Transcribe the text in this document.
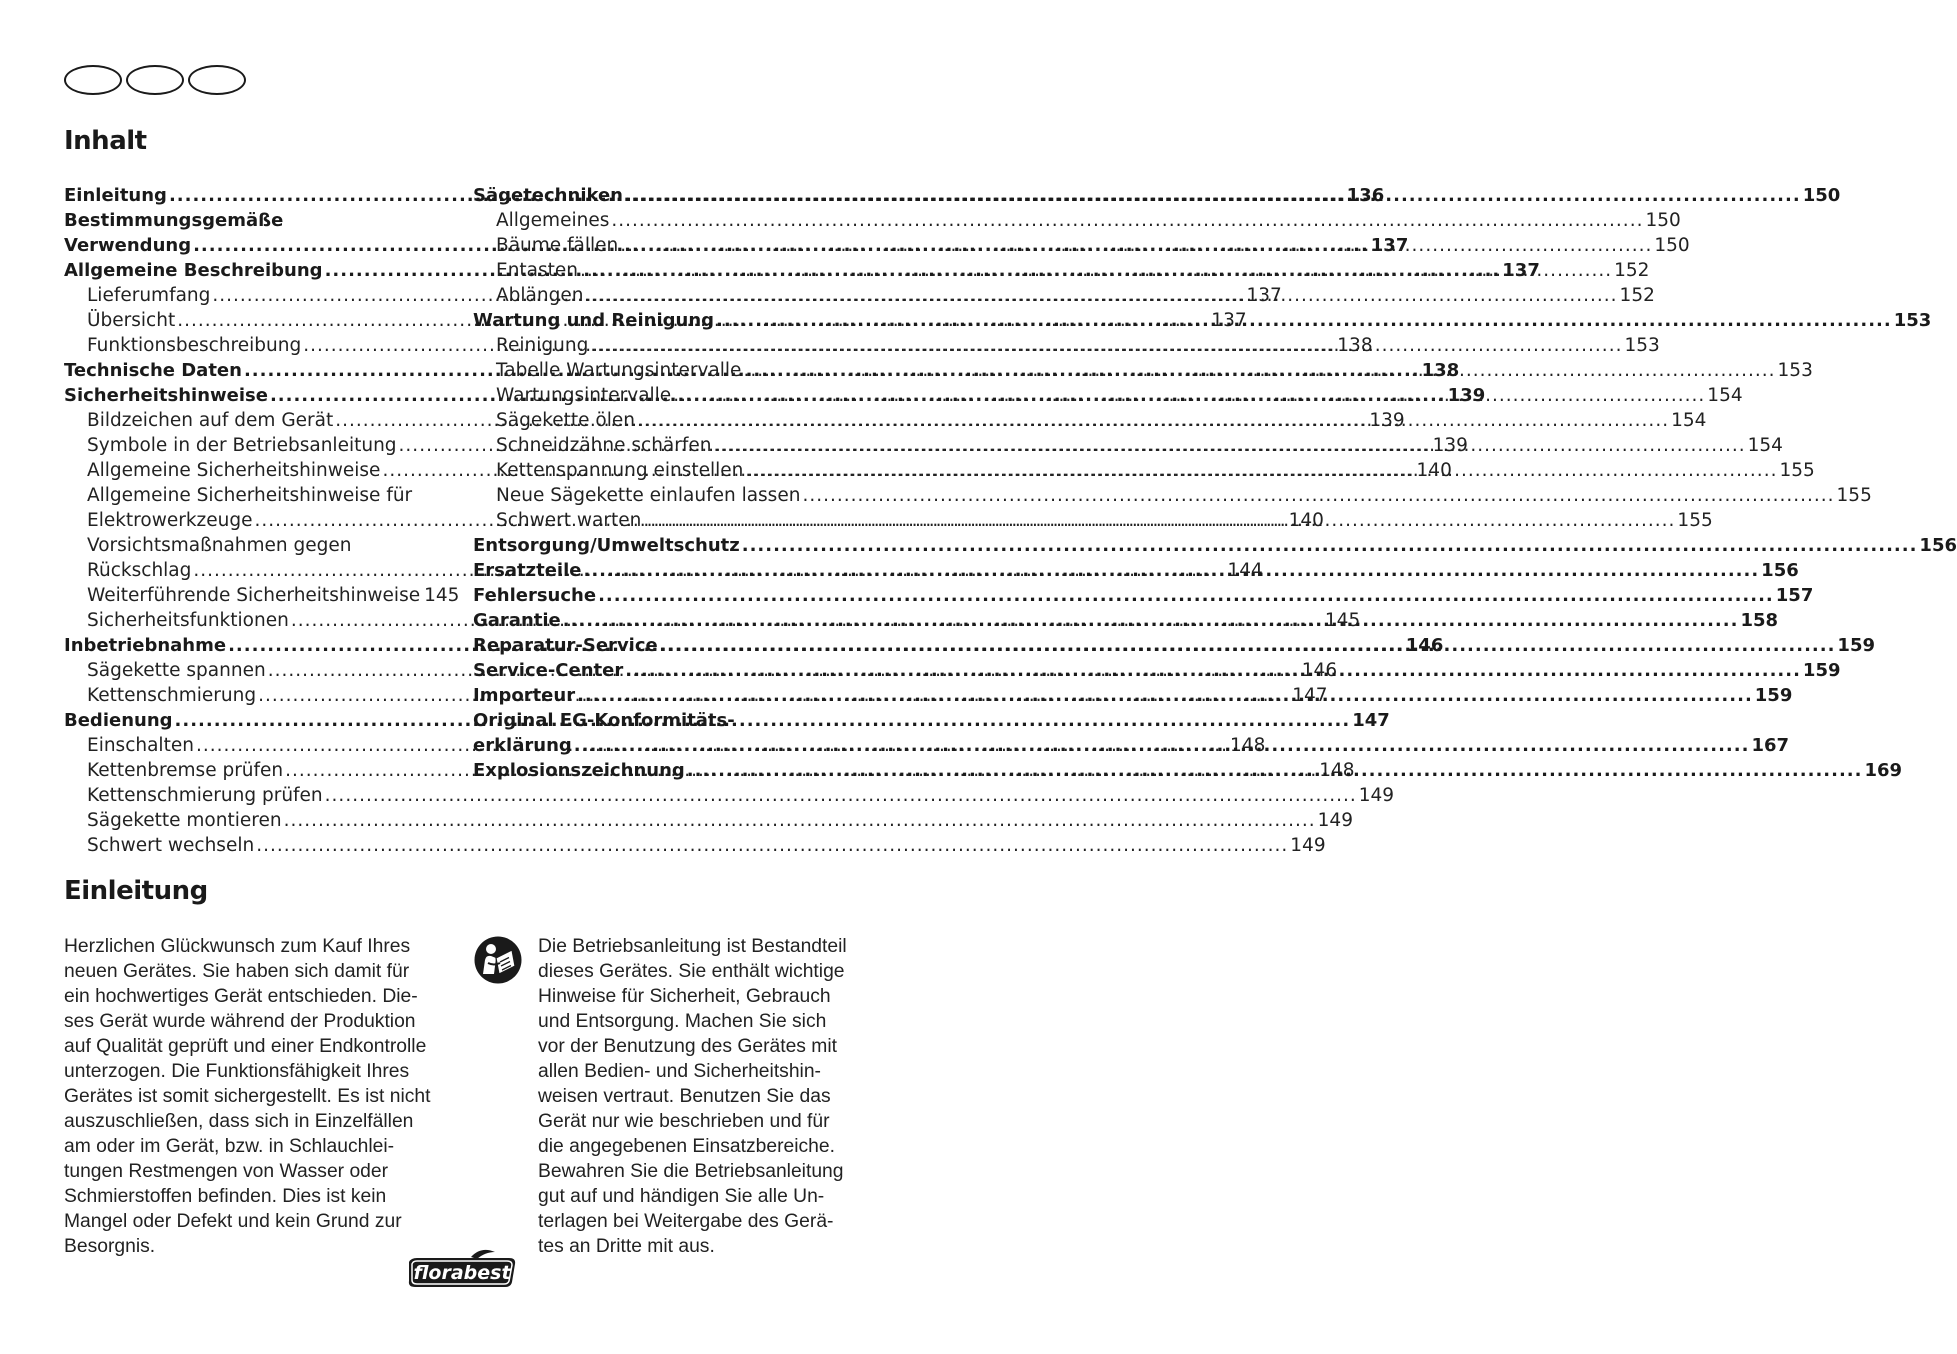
Inhalt
Einleitung .....	136
Bestimmungsgemäße
Verwendung .....	137
Allgemeine Beschreibung .....	137
Lieferumfang .....	137
Übersicht .....	137
Funktionsbeschreibung .....	138
Technische Daten .....	138
Sicherheitshinweise .....	139
Bildzeichen auf dem Gerät .....	139
Symbole in der Betriebsanleitung .....	139
Allgemeine Sicherheitshinweise .....	140
Allgemeine Sicherheitshinweise für
Elektrowerkzeuge .....	140
Vorsichtsmaßnahmen gegen
Rückschlag .....	144
Weiterführende Sicherheitshinweise 145
Sicherheitsfunktionen .....	145
Inbetriebnahme .....	146
Sägekette spannen .....	146
Kettenschmierung .....	147
Bedienung .....	147
Einschalten .....	148
Kettenbremse prüfen .....	148
Kettenschmierung prüfen .....	149
Sägekette montieren .....	149
Schwert wechseln .....	149
Sägetechniken .....	150
Allgemeines .....	150
Bäume fällen .....	150
Entasten .....	152
Ablängen .....	152
Wartung und Reinigung .....	153
Reinigung .....	153
Tabelle Wartungsintervalle .....	153
Wartungsintervalle .....	154
Sägekette ölen .....	154
Schneidzähne schärfen .....	154
Kettenspannung einstellen .....	155
Neue Sägekette einlaufen lassen .....	155
Schwert warten .....	155
Entsorgung/Umweltschutz .....	156
Ersatzteile .....	156
Fehlersuche .....	157
Garantie .....	158
Reparatur-Service .....	159
Service-Center .....	159
Importeur .....	159
Original EG-Konformitäts-
erklärung .....	167
Explosionszeichnung .....	169
Einleitung
Herzlichen Glückwunsch zum Kauf Ihres
neuen Gerätes. Sie haben sich damit für
ein hochwertiges Gerät entschieden. Die-
ses Gerät wurde während der Produktion
auf Qualität geprüft und einer Endkontrolle
unterzogen. Die Funktionsfähigkeit Ihres
Gerätes ist somit sichergestellt. Es ist nicht
auszuschließen, dass sich in Einzelfällen
am oder im Gerät, bzw. in Schlauchlei-
tungen Restmengen von Wasser oder
Schmierstoffen befinden. Dies ist kein
Mangel oder Defekt und kein Grund zur
Besorgnis.
Die Betriebsanleitung ist Bestandteil
dieses Gerätes. Sie enthält wichtige
Hinweise für Sicherheit, Gebrauch
und Entsorgung. Machen Sie sich
vor der Benutzung des Gerätes mit
allen Bedien- und Sicherheitshin-
weisen vertraut. Benutzen Sie das
Gerät nur wie beschrieben und für
die angegebenen Einsatzbereiche.
Bewahren Sie die Betriebsanleitung
gut auf und händigen Sie alle Un-
terlagen bei Weitergabe des Gerä-
tes an Dritte mit aus.
florabest
